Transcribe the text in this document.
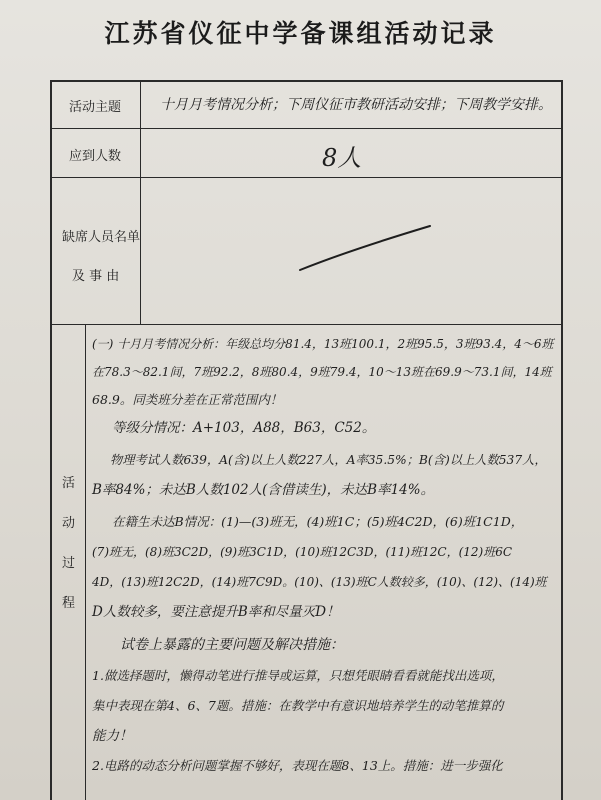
江苏省仪征中学备课组活动记录
活动主题	十月月考情况分析；下周仪征市教研活动安排；下周教学安排。
应到人数	8人
缺席人员名单
及 事 由
活
动
过
程
(一) 十月月考情况分析：年级总均分81.4，13班100.1，2班95.5，3班93.4，4～6班
在78.3～82.1间，7班92.2，8班80.4，9班79.4，10～13班在69.9～73.1间，14班
68.9。同类班分差在正常范围内！
等级分情况：A+103，A88，B63，C52。
物理考试人数639，A(含)以上人数227人，A率35.5%；B(含)以上人数537人，
B率84%；未达B人数102人(含借读生)，未达B率14%。
在籍生未达B情况：(1)—(3)班无，(4)班1C；(5)班4C2D，(6)班1C1D，
(7)班无，(8)班3C2D，(9)班3C1D，(10)班12C3D，(11)班12C，(12)班6C
4D，(13)班12C2D，(14)班7C9D。(10)、(13)班C人数较多，(10)、(12)、(14)班
D人数较多，要注意提升B率和尽量灭D！
试卷上暴露的主要问题及解决措施：
1.做选择题时，懒得动笔进行推导或运算，只想凭眼睛看看就能找出选项，
集中表现在第4、6、7题。措施：在教学中有意识地培养学生的动笔推算的
能力！
2.电路的动态分析问题掌握不够好，表现在题8、13上。措施：进一步强化
